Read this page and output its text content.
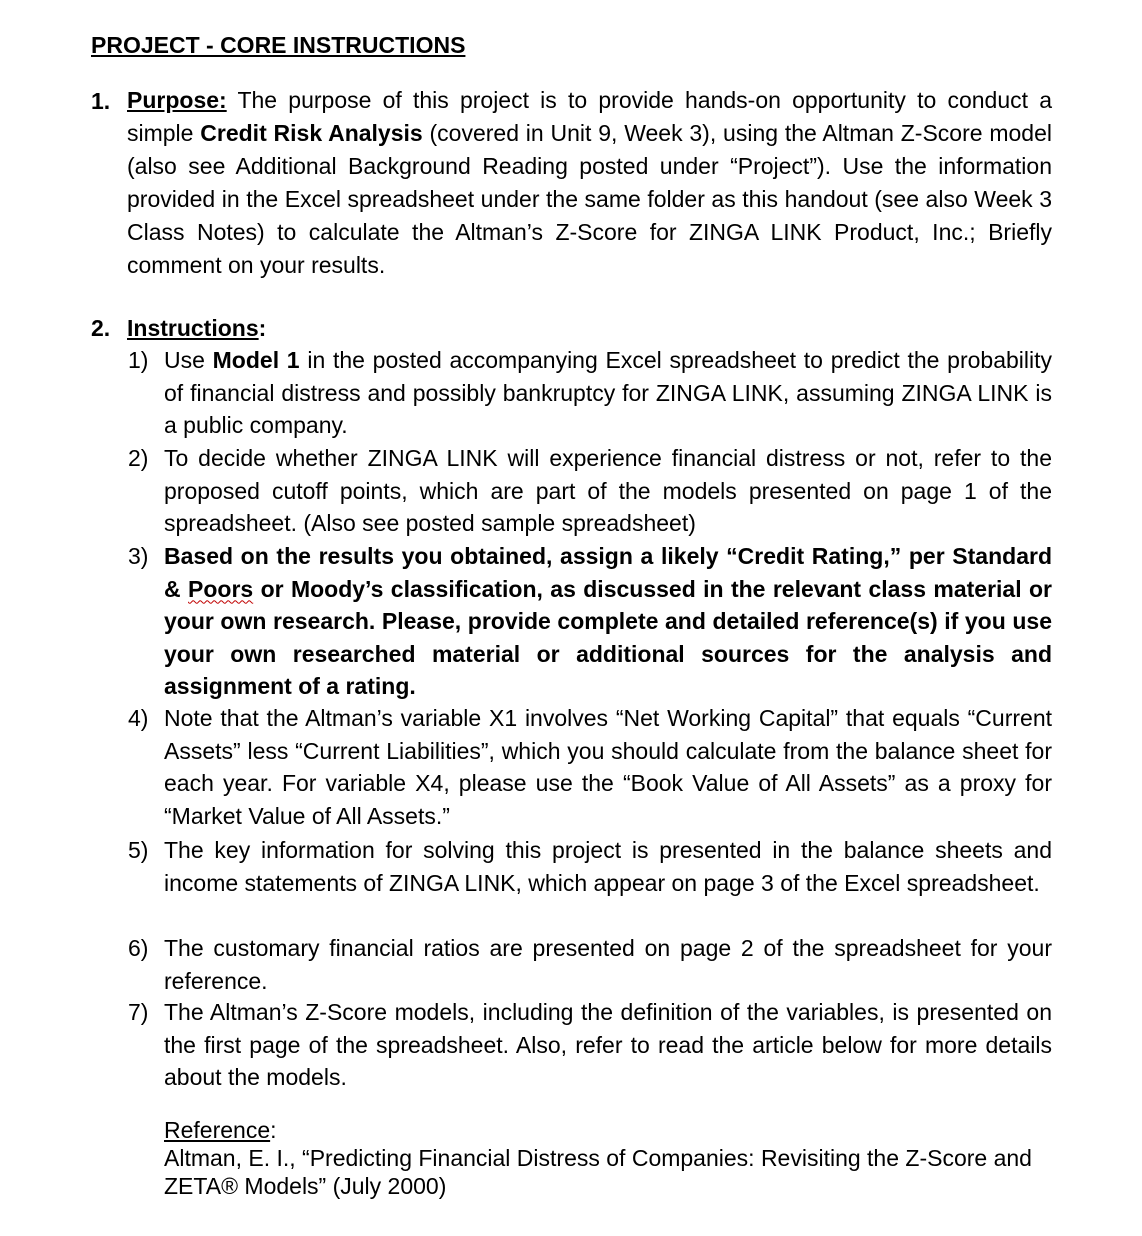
PROJECT - CORE INSTRUCTIONS
1. Purpose: The purpose of this project is to provide hands-on opportunity to conduct a simple Credit Risk Analysis (covered in Unit 9, Week 3), using the Altman Z-Score model (also see Additional Background Reading posted under “Project”). Use the information provided in the Excel spreadsheet under the same folder as this handout (see also Week 3 Class Notes) to calculate the Altman’s Z-Score for ZINGA LINK Product, Inc.; Briefly comment on your results.
2. Instructions:
1) Use Model 1 in the posted accompanying Excel spreadsheet to predict the probability of financial distress and possibly bankruptcy for ZINGA LINK, assuming ZINGA LINK is a public company.
2) To decide whether ZINGA LINK will experience financial distress or not, refer to the proposed cutoff points, which are part of the models presented on page 1 of the spreadsheet. (Also see posted sample spreadsheet)
3) Based on the results you obtained, assign a likely “Credit Rating,” per Standard & Poors or Moody’s classification, as discussed in the relevant class material or your own research. Please, provide complete and detailed reference(s) if you use your own researched material or additional sources for the analysis and assignment of a rating.
4) Note that the Altman’s variable X1 involves “Net Working Capital” that equals “Current Assets” less “Current Liabilities”, which you should calculate from the balance sheet for each year. For variable X4, please use the “Book Value of All Assets” as a proxy for “Market Value of All Assets.”
5) The key information for solving this project is presented in the balance sheets and income statements of ZINGA LINK, which appear on page 3 of the Excel spreadsheet.
6) The customary financial ratios are presented on page 2 of the spreadsheet for your reference.
7) The Altman’s Z-Score models, including the definition of the variables, is presented on the first page of the spreadsheet. Also, refer to read the article below for more details about the models.
Reference:
Altman, E. I., “Predicting Financial Distress of Companies: Revisiting the Z-Score and ZETA® Models” (July 2000)
